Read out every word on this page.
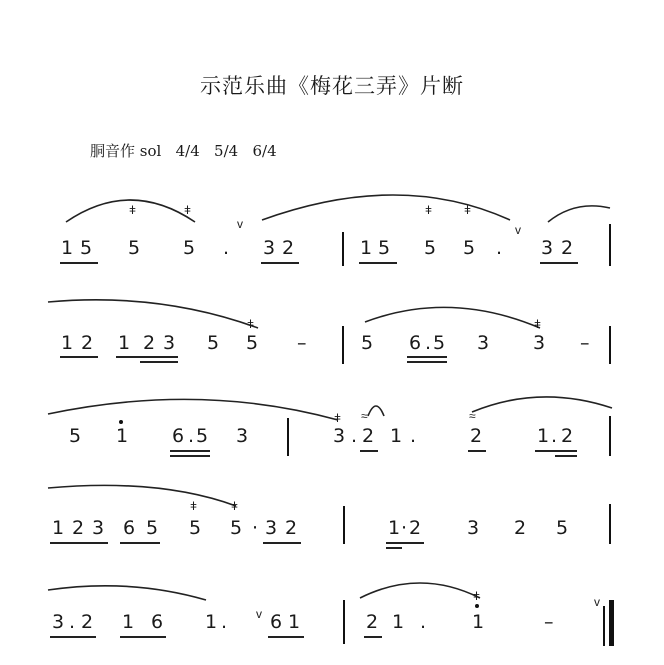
示范乐曲《梅花三弄》片断
胴音作 sol   4/4   5/4   6/4
v	v
v
v
ǂ	ǂ	ǂ	ǂ
ǂ	ǂ
ǂ ≈	≈
ǂ	ǂ
ǂ
1 5 5 5 . 3 2	1 5 5 5 . 3 2
1 2 1 2 3 5 5 –	5 6 . 5 3 3 –
5 1 6 . 5 3	3 . 2 1 .	2	1 . 2
1 2 3 6 5 5 5 · 3 2	1 · 2 3 2 5
3 . 2 1 6 1 . 6 1	2 1 . 1	–
